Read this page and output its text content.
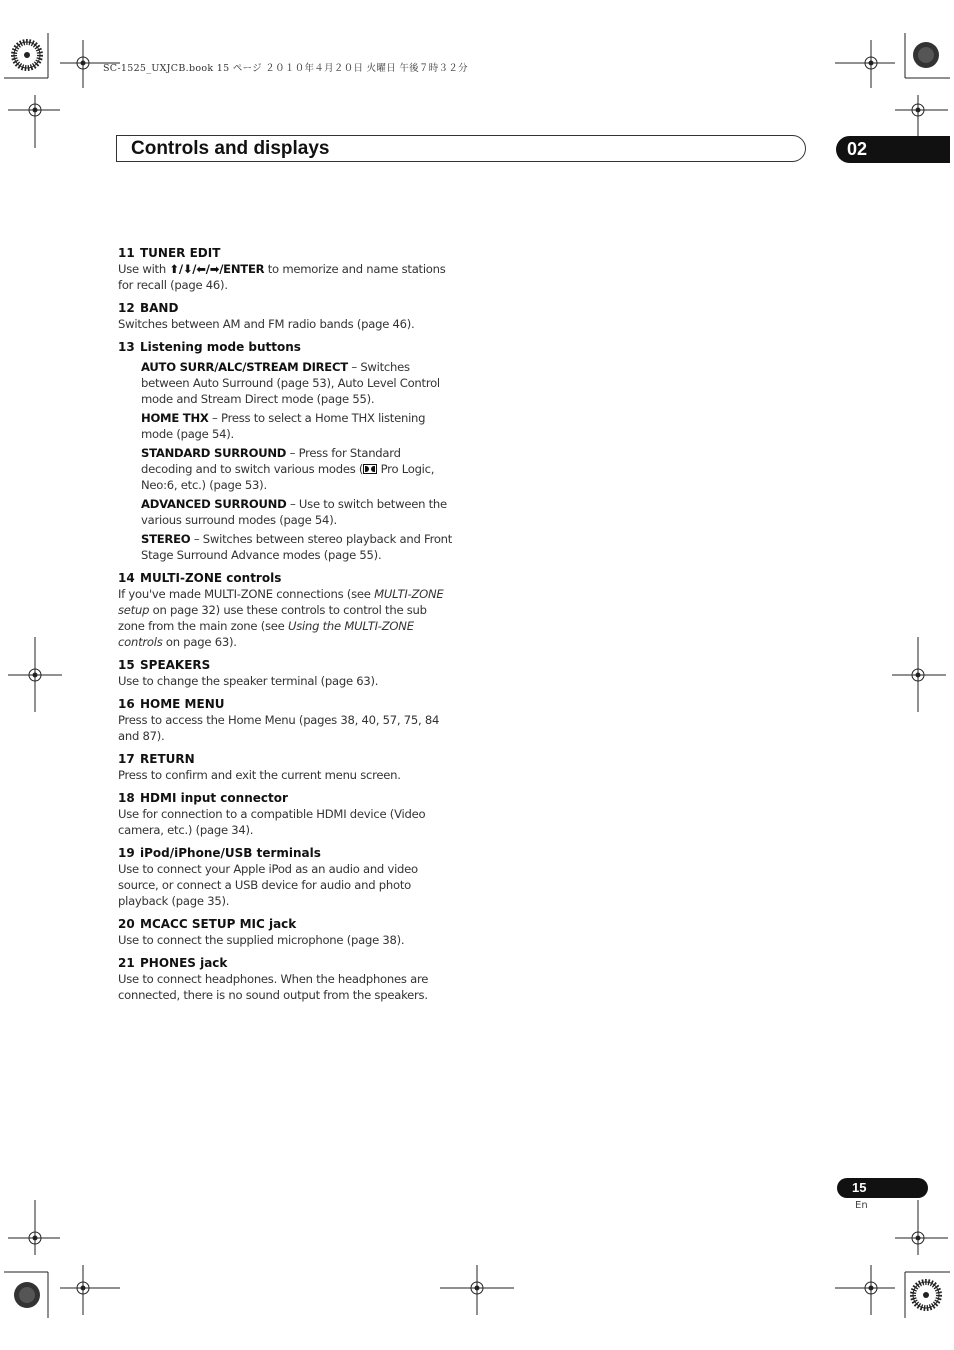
SC-1525_UXJCB.book 15 ページ ２０１０年４月２０日 火曜日 午後７時３２分
Controls and displays	02
11 TUNER EDIT
Use with ⬆/⬇/⬅/➡/ENTER to memorize and name stations for recall (page 46).
12 BAND
Switches between AM and FM radio bands (page 46).
13 Listening mode buttons
AUTO SURR/ALC/STREAM DIRECT – Switches between Auto Surround (page 53), Auto Level Control mode and Stream Direct mode (page 55).
HOME THX – Press to select a Home THX listening mode (page 54).
STANDARD SURROUND – Press for Standard decoding and to switch various modes ( Pro Logic, Neo:6, etc.) (page 53).
ADVANCED SURROUND – Use to switch between the various surround modes (page 54).
STEREO – Switches between stereo playback and Front Stage Surround Advance modes (page 55).
14 MULTI-ZONE controls
If you've made MULTI-ZONE connections (see MULTI-ZONE setup on page 32) use these controls to control the sub zone from the main zone (see Using the MULTI-ZONE controls on page 63).
15 SPEAKERS
Use to change the speaker terminal (page 63).
16 HOME MENU
Press to access the Home Menu (pages 38, 40, 57, 75, 84 and 87).
17 RETURN
Press to confirm and exit the current menu screen.
18 HDMI input connector
Use for connection to a compatible HDMI device (Video camera, etc.) (page 34).
19 iPod/iPhone/USB terminals
Use to connect your Apple iPod as an audio and video source, or connect a USB device for audio and photo playback (page 35).
20 MCACC SETUP MIC jack
Use to connect the supplied microphone (page 38).
21 PHONES jack
Use to connect headphones. When the headphones are connected, there is no sound output from the speakers.
15
En
